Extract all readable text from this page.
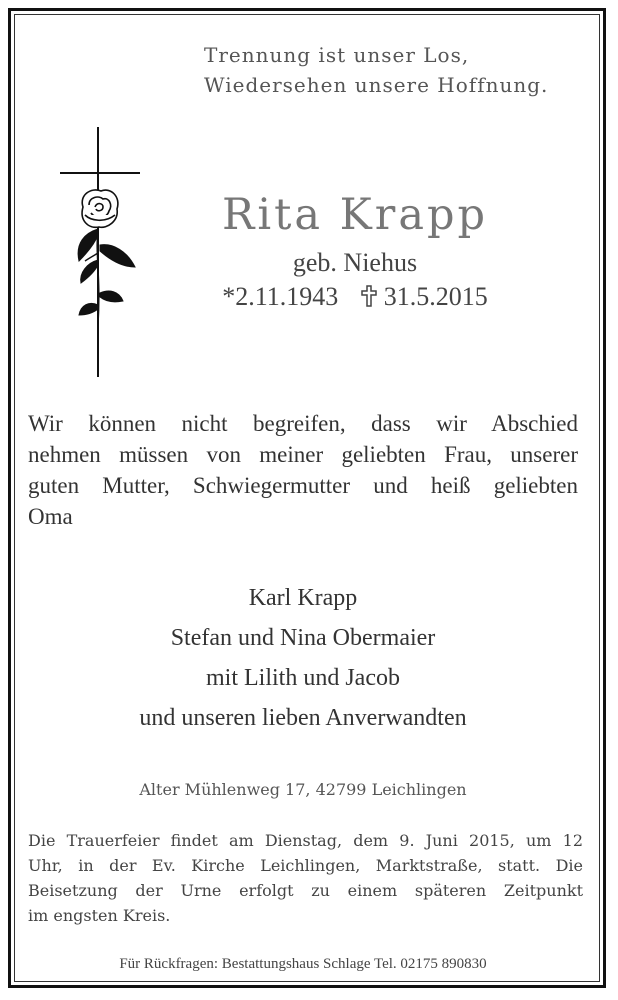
Trennung ist unser Los,
Wiedersehen unsere Hoffnung.
Rita Krapp
geb. Niehus
*2.11.1943 31.5.2015
Wir können nicht begreifen, dass wir Abschied
nehmen müssen von meiner geliebten Frau, unserer
guten Mutter, Schwiegermutter und heiß geliebten
Oma
Karl Krapp
Stefan und Nina Obermaier
mit Lilith und Jacob
und unseren lieben Anverwandten
Alter Mühlenweg 17, 42799 Leichlingen
Die Trauerfeier findet am Dienstag, dem 9. Juni 2015, um 12
Uhr, in der Ev. Kirche Leichlingen, Marktstraße, statt. Die
Beisetzung der Urne erfolgt zu einem späteren Zeitpunkt
im engsten Kreis.
Für Rückfragen: Bestattungshaus Schlage Tel. 02175 890830
